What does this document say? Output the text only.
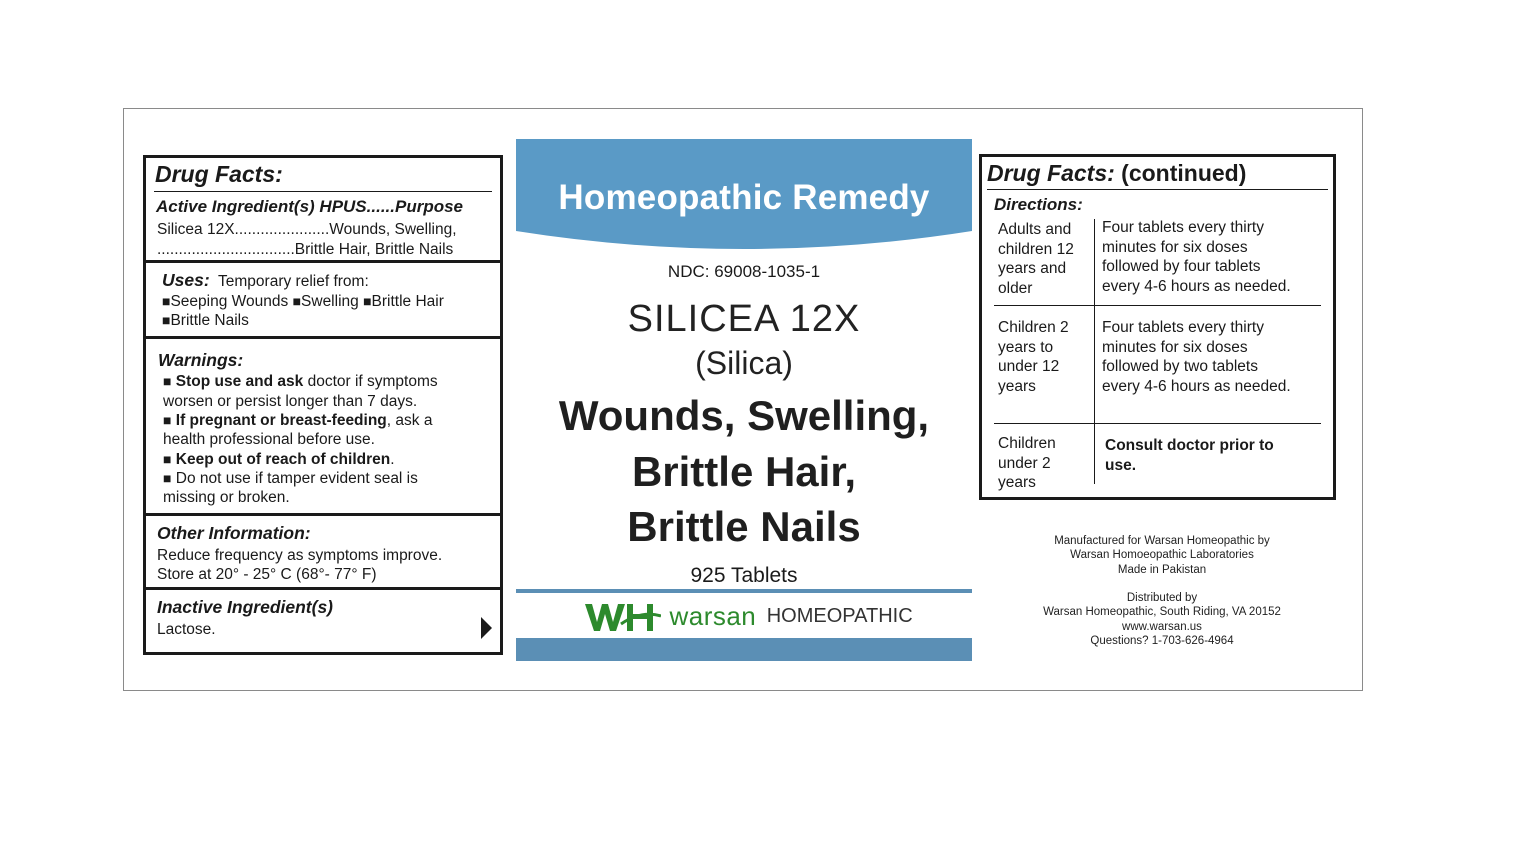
Drug Facts:
Active Ingredient(s) HPUS......Purpose
Silicea 12X......................Wounds, Swelling,
................................Brittle Hair, Brittle Nails
Uses: Temporary relief from:
■Seeping Wounds ■Swelling ■Brittle Hair
■Brittle Nails
Warnings:
■ Stop use and ask doctor if symptoms
worsen or persist longer than 7 days.
■ If pregnant or breast-feeding, ask a
health professional before use.
■ Keep out of reach of children.
■ Do not use if tamper evident seal is
missing or broken.
Other Information:
Reduce frequency as symptoms improve.
Store at 20° - 25° C (68°- 77° F)
Inactive Ingredient(s)
Lactose.
Homeopathic Remedy
NDC: 69008-1035-1
SILICEA 12X
(Silica)
Wounds, Swelling,
Brittle Hair,
Brittle Nails
925 Tablets
warsan HOMEOPATHIC
Drug Facts: (continued)
Directions:
Adults and
children 12
years and
older
Four tablets every thirty
minutes for six doses
followed by four tablets
every 4-6 hours as needed.
Children 2
years to
under 12
years
Four tablets every thirty
minutes for six doses
followed by two tablets
every 4-6 hours as needed.
Children
under 2
years
Consult doctor prior to
use.
Manufactured for Warsan Homeopathic by
Warsan Homoeopathic Laboratories
Made in Pakistan
Distributed by
Warsan Homeopathic, South Riding, VA 20152
www.warsan.us
Questions? 1-703-626-4964
